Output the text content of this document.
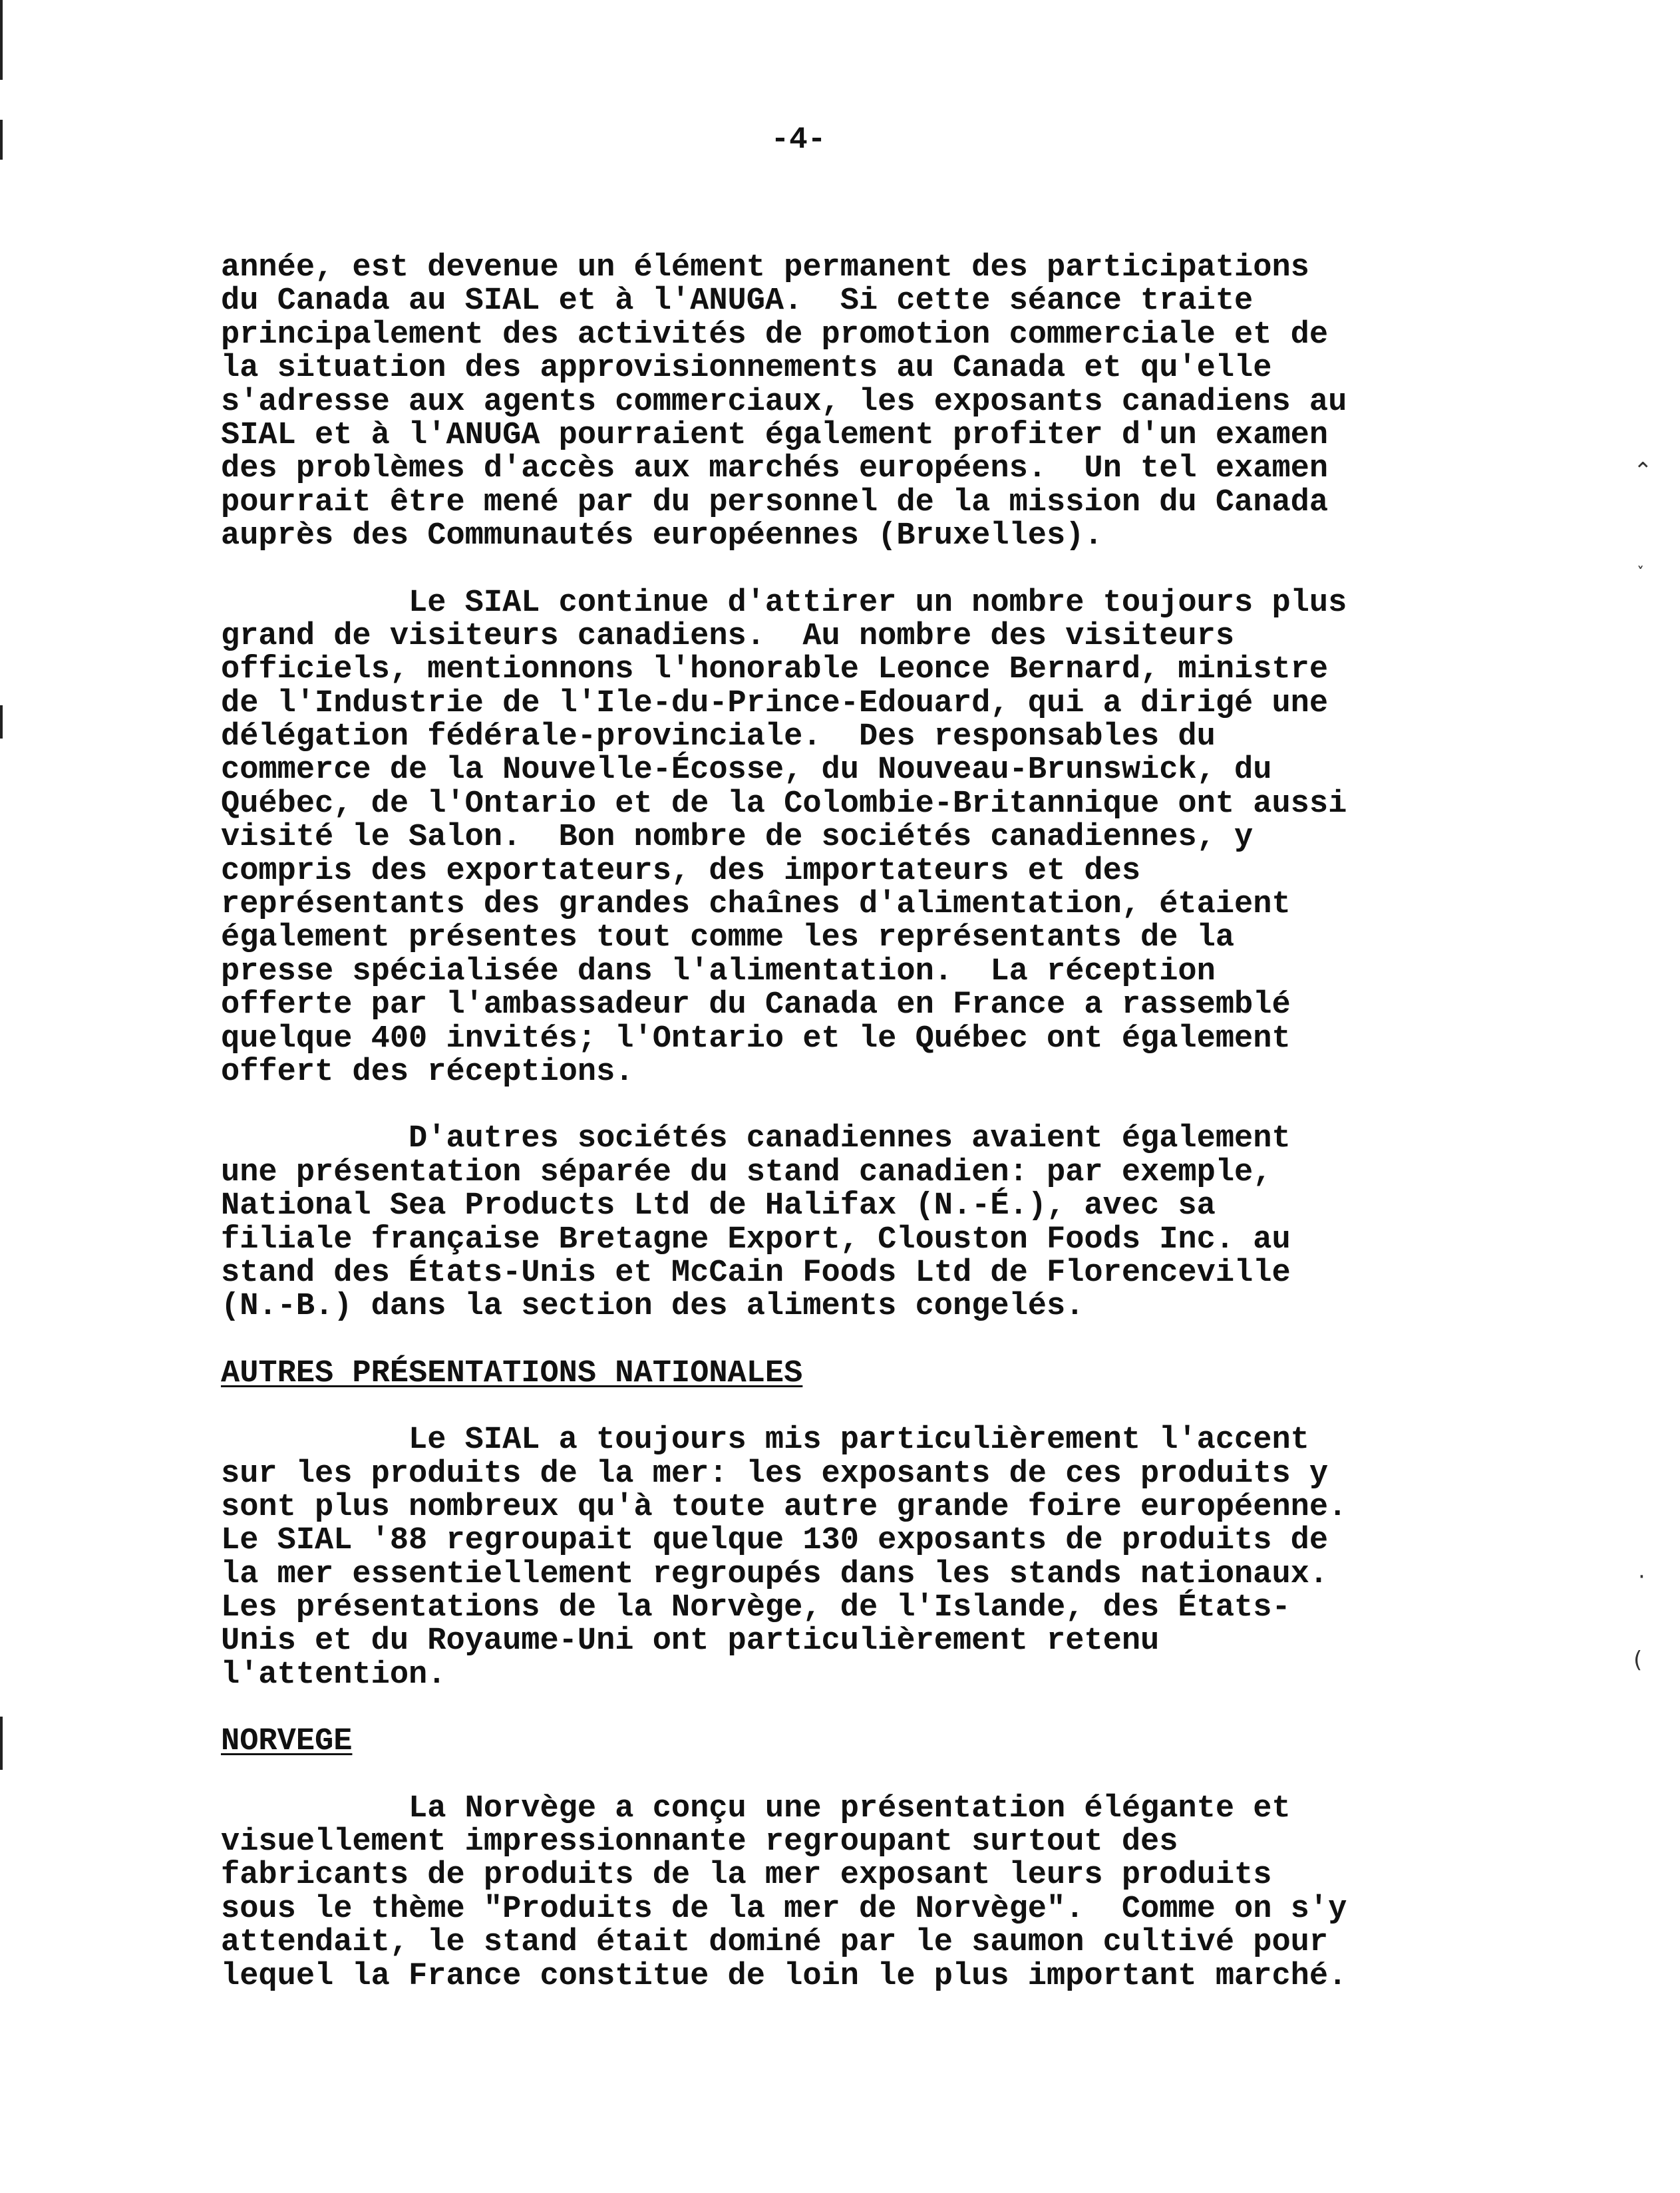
⌃
˯
·
(
-4-
année, est devenue un élément permanent des participations
du Canada au SIAL et à l'ANUGA.  Si cette séance traite
principalement des activités de promotion commerciale et de
la situation des approvisionnements au Canada et qu'elle
s'adresse aux agents commerciaux, les exposants canadiens au
SIAL et à l'ANUGA pourraient également profiter d'un examen
des problèmes d'accès aux marchés européens.  Un tel examen
pourrait être mené par du personnel de la mission du Canada
auprès des Communautés européennes (Bruxelles).
Le SIAL continue d'attirer un nombre toujours plus
grand de visiteurs canadiens.  Au nombre des visiteurs
officiels, mentionnons l'honorable Leonce Bernard, ministre
de l'Industrie de l'Ile-du-Prince-Edouard, qui a dirigé une
délégation fédérale-provinciale.  Des responsables du
commerce de la Nouvelle-Écosse, du Nouveau-Brunswick, du
Québec, de l'Ontario et de la Colombie-Britannique ont aussi
visité le Salon.  Bon nombre de sociétés canadiennes, y
compris des exportateurs, des importateurs et des
représentants des grandes chaînes d'alimentation, étaient
également présentes tout comme les représentants de la
presse spécialisée dans l'alimentation.  La réception
offerte par l'ambassadeur du Canada en France a rassemblé
quelque 400 invités; l'Ontario et le Québec ont également
offert des réceptions.
D'autres sociétés canadiennes avaient également
une présentation séparée du stand canadien: par exemple,
National Sea Products Ltd de Halifax (N.-É.), avec sa
filiale française Bretagne Export, Clouston Foods Inc. au
stand des États-Unis et McCain Foods Ltd de Florenceville
(N.-B.) dans la section des aliments congelés.
AUTRES PRÉSENTATIONS NATIONALES
Le SIAL a toujours mis particulièrement l'accent
sur les produits de la mer: les exposants de ces produits y
sont plus nombreux qu'à toute autre grande foire européenne.
Le SIAL '88 regroupait quelque 130 exposants de produits de
la mer essentiellement regroupés dans les stands nationaux.
Les présentations de la Norvège, de l'Islande, des États-
Unis et du Royaume-Uni ont particulièrement retenu
l'attention.
NORVEGE
La Norvège a conçu une présentation élégante et
visuellement impressionnante regroupant surtout des
fabricants de produits de la mer exposant leurs produits
sous le thème "Produits de la mer de Norvège".  Comme on s'y
attendait, le stand était dominé par le saumon cultivé pour
lequel la France constitue de loin le plus important marché.
